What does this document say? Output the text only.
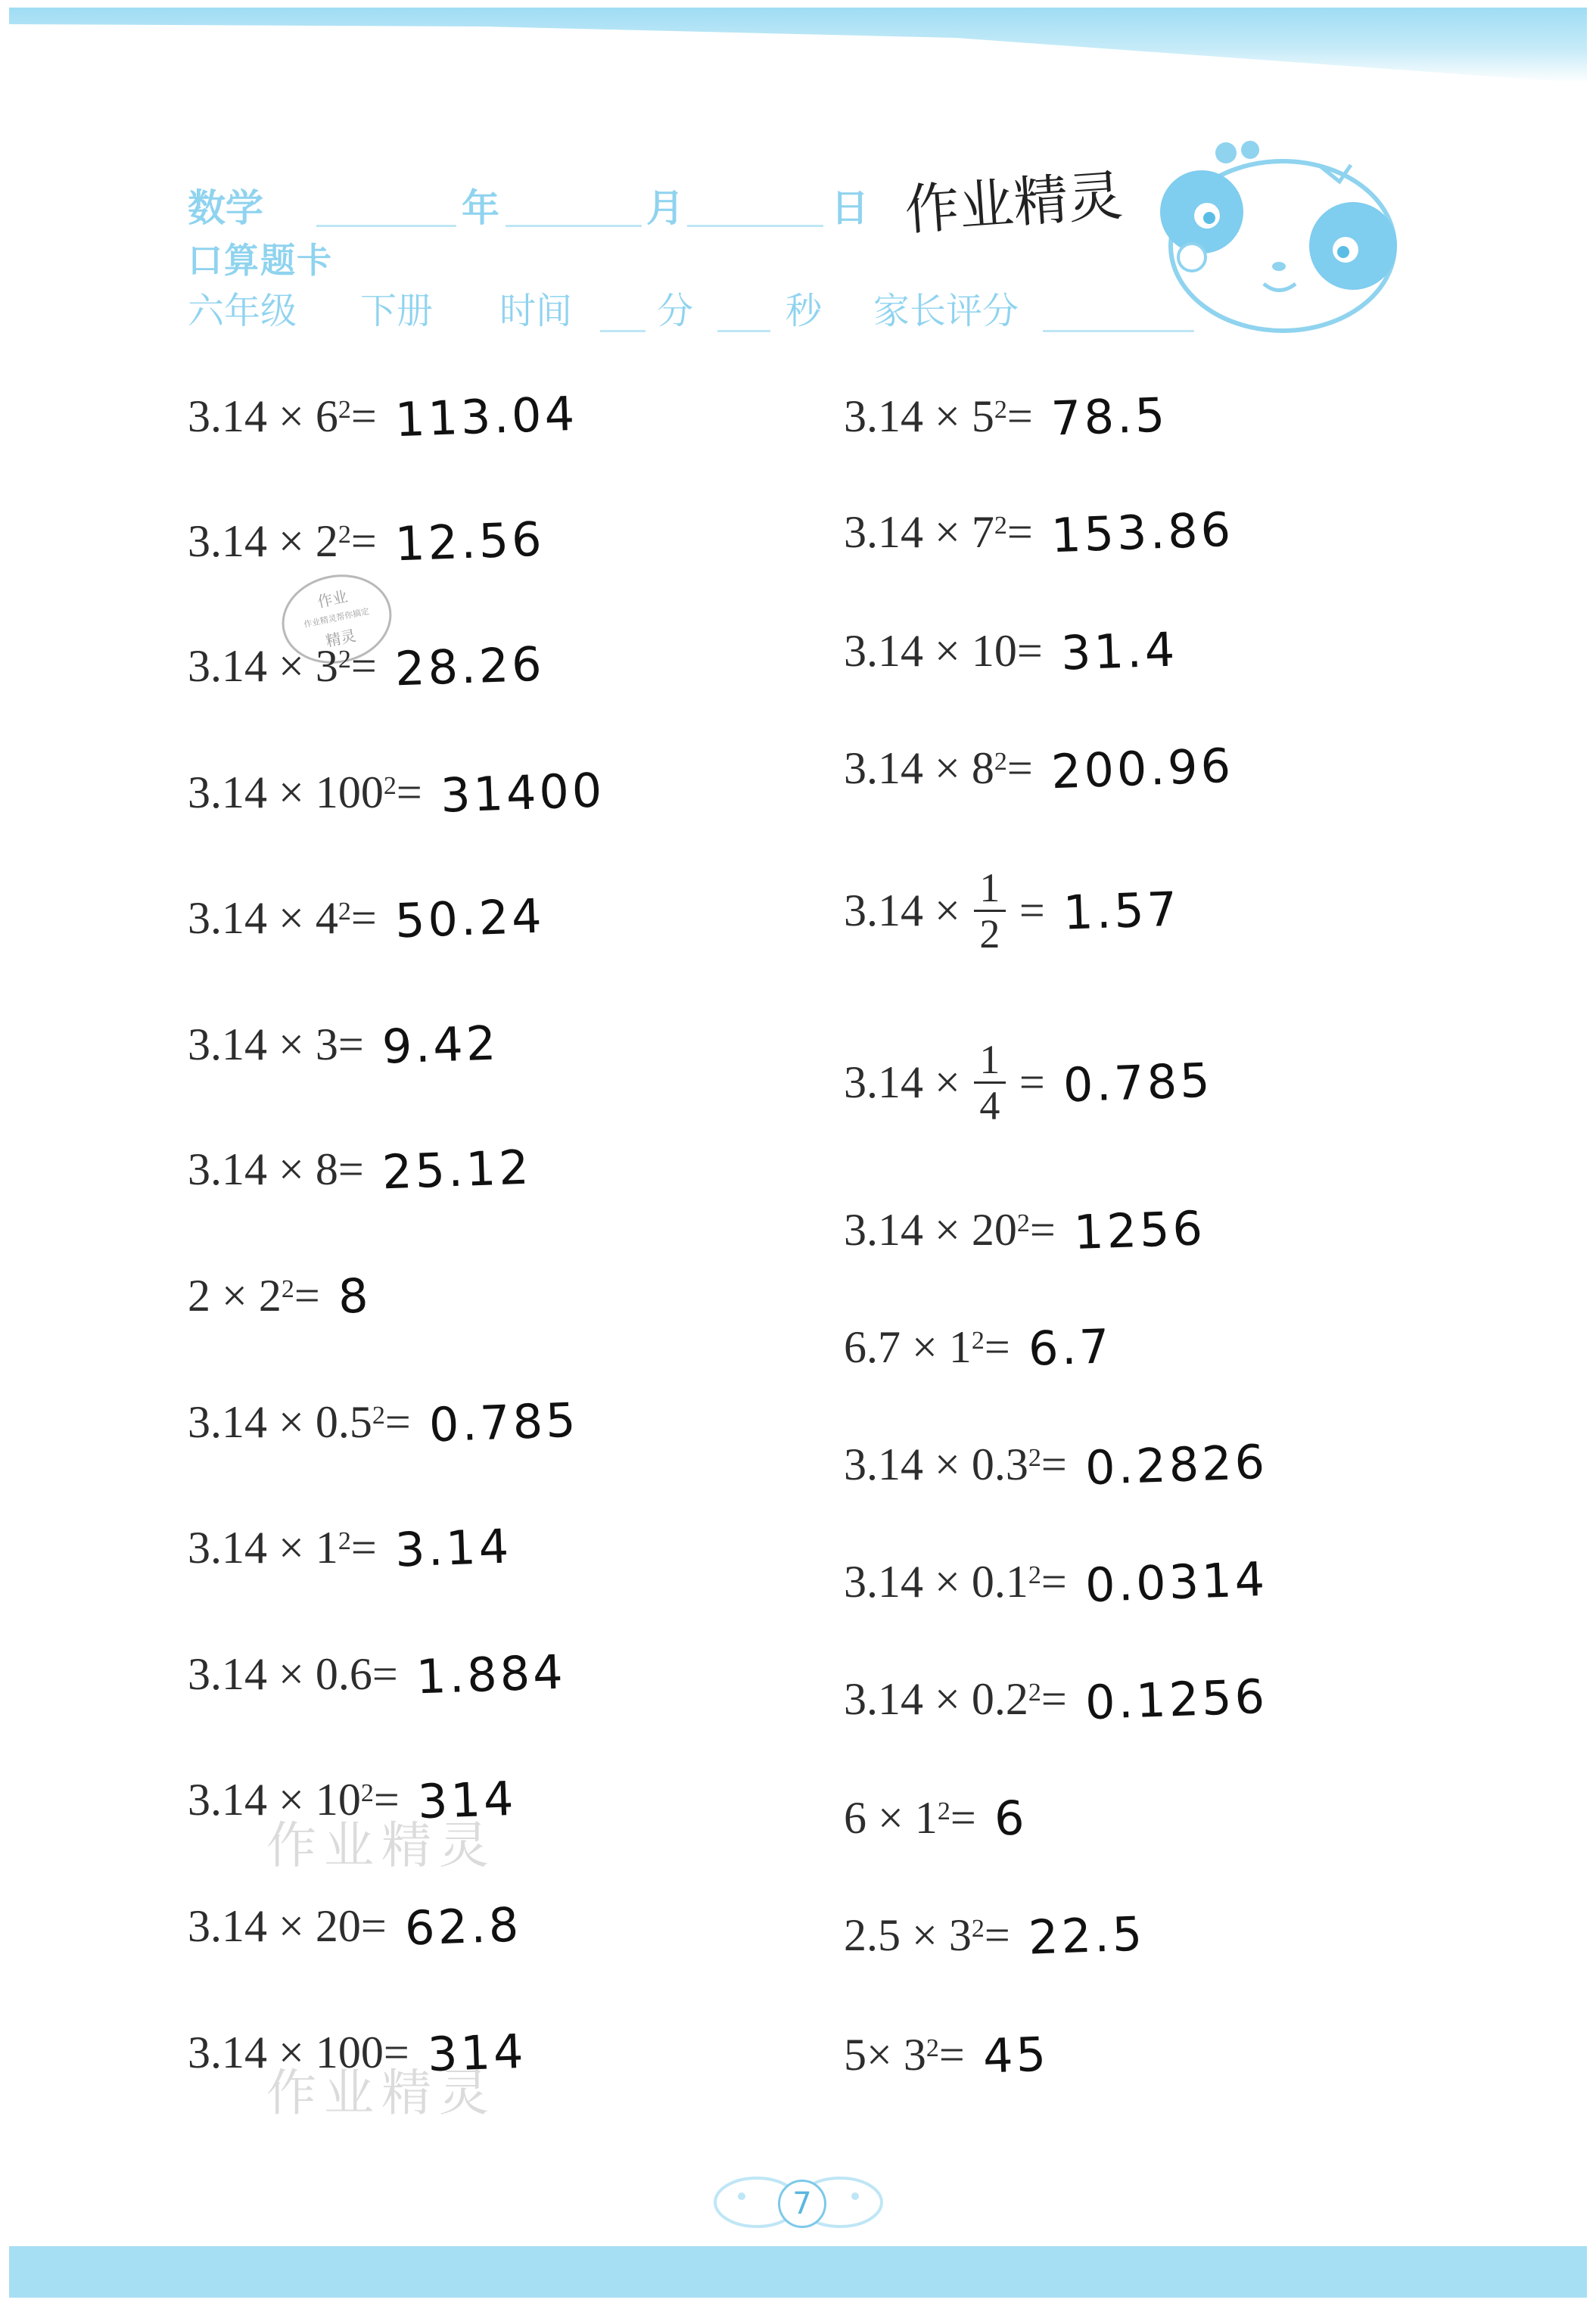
数学	年	月	日 作业精灵
口算题卡
六年级 下册 时间 分	秒 家长评分
作业
作业精灵帮你搞定
精灵
$3.14 \times 6^2 = 113.04$
$3.14 \times 2^2 = 12.56$
$3.14 \times 3^2 = 28.26$
$3.14 \times 100^2 = 31400$
$3.14 \times 4^2 = 50.24$
3.14 × 3 = 9.42
3.14 × 8 = 25.12
$2 \times 2^2 = 8$
$3.14 \times 0.5^2 = 0.785$
$3.14 \times 1^2 = 3.14$
3.14 × 0.6 = 1.884
$3.14 \times 10^2 = 314$
3.14 × 20 = 62.8
3.14 × 100 = 314
$3.14 \times 5^2 = 78.5$
$3.14 \times 7^2 = 153.86$
3.14 × 10 = 31.4
$3.14 \times 8^2 = 200.96$
$3.14 \times \frac{1}{2} = 1.57$
$3.14 \times \frac{1}{4} = 0.785$
$3.14 \times 20^2 = 1256$
$6.7 \times 1^2 = 6.7$
$3.14 \times 0.3^2 = 0.2826$
$3.14 \times 0.1^2 = 0.0314$
$3.14 \times 0.2^2 = 0.1256$
$6 \times 1^2 = 6$
$2.5 \times 3^2 = 22.5$
$5\times 3^2 = 45$
作业精灵
作业精灵
7
